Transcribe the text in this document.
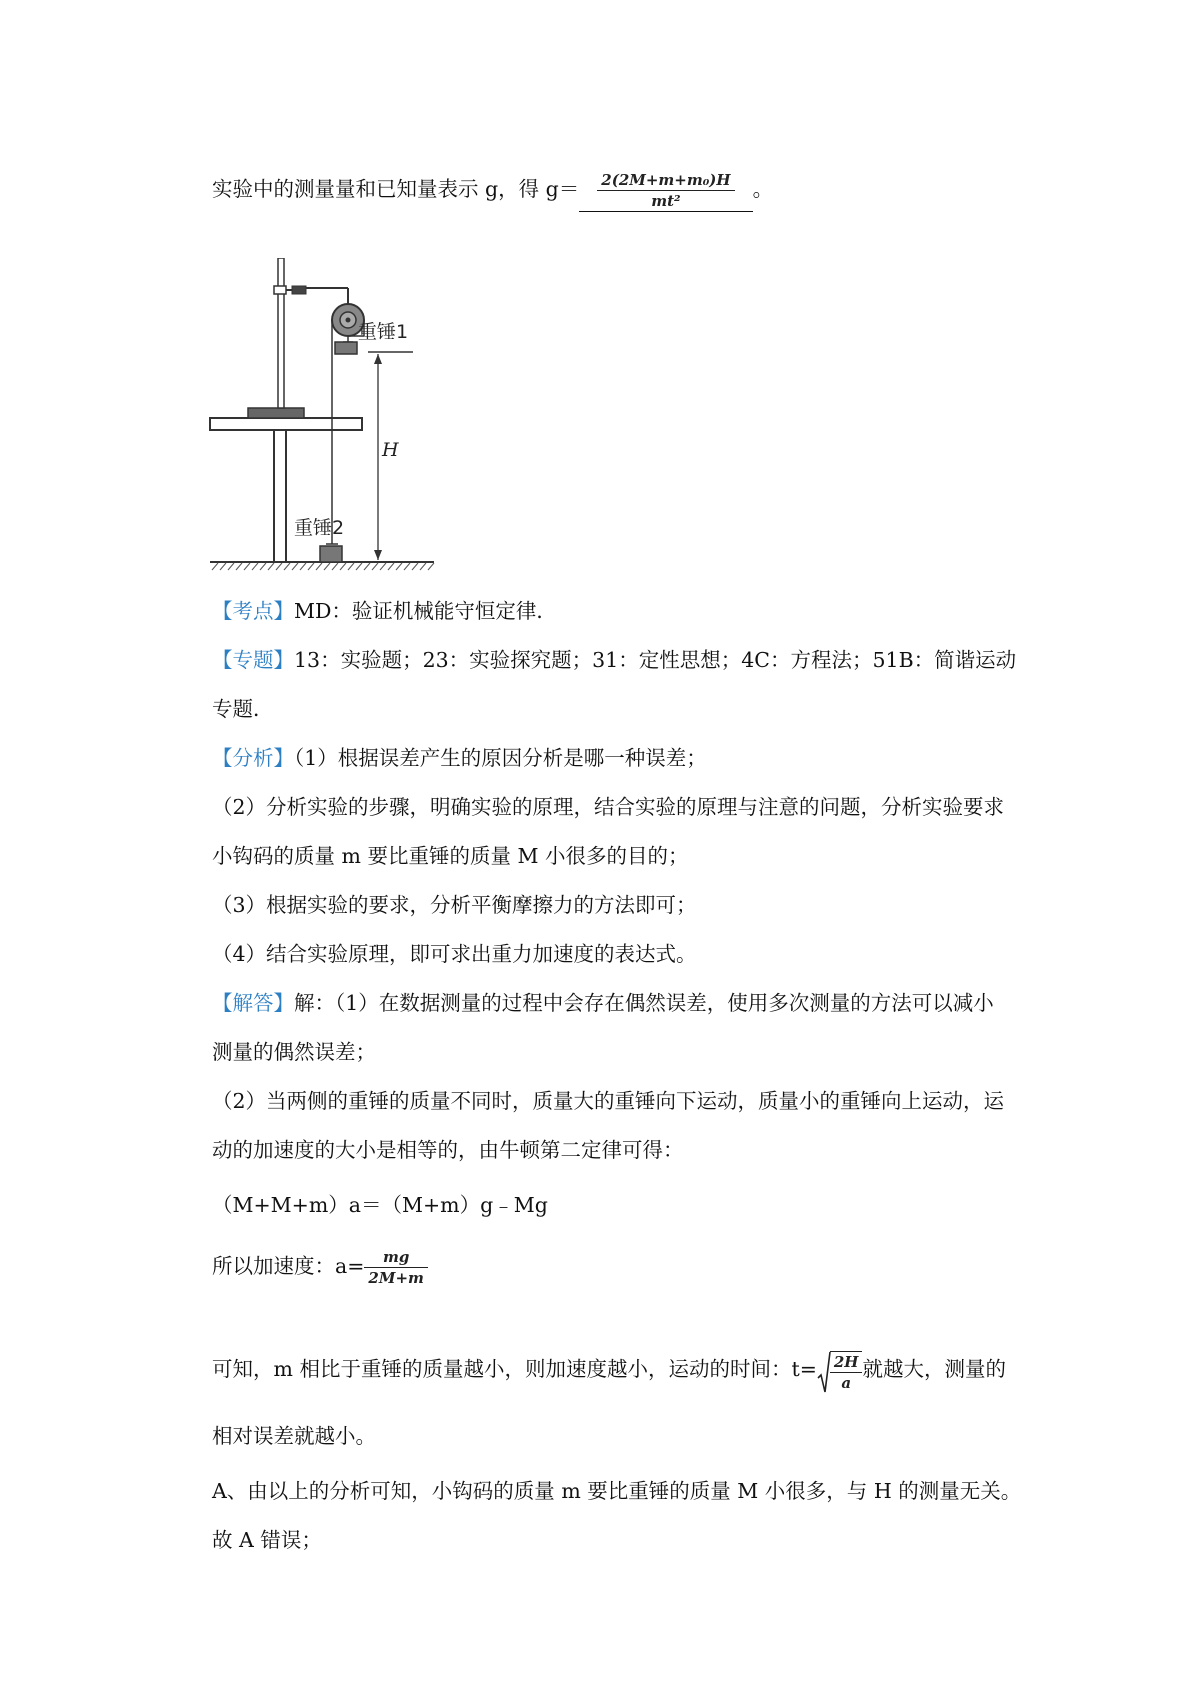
实验中的测量量和已知量表示 g，得 $g= \frac{\text{2(2M+m+m₀)H}}{\text{mt²}}$ 。
H
重锤1
重锤2
【考点】MD：验证机械能守恒定律．
【专题】13：实验题；23：实验探究题；31：定性思想；4C：方程法；51B：简谐运动
专题．
【分析】（1）根据误差产生的原因分析是哪一种误差；
（2）分析实验的步骤，明确实验的原理，结合实验的原理与注意的问题，分析实验要求
小钩码的质量 m 要比重锤的质量 M 小很多的目的；
（3）根据实验的要求，分析平衡摩擦力的方法即可；
（4）结合实验原理，即可求出重力加速度的表达式。
【解答】解：（1）在数据测量的过程中会存在偶然误差，使用多次测量的方法可以减小
测量的偶然误差；
（2）当两侧的重锤的质量不同时，质量大的重锤向下运动，质量小的重锤向上运动，运
动的加速度的大小是相等的，由牛顿第二定律可得：
（M+M+m）a＝（M+m）g﹣Mg
所以加速度：$a= \frac{mg}{2M+m}$
可知，m 相比于重锤的质量越小，则加速度越小，运动的时间：$t= \frac{2H}{a}$ 就越大，测量的
相对误差就越小。
A、由以上的分析可知，小钩码的质量 m 要比重锤的质量 M 小很多，与 H 的测量无关。
故 A 错误；
